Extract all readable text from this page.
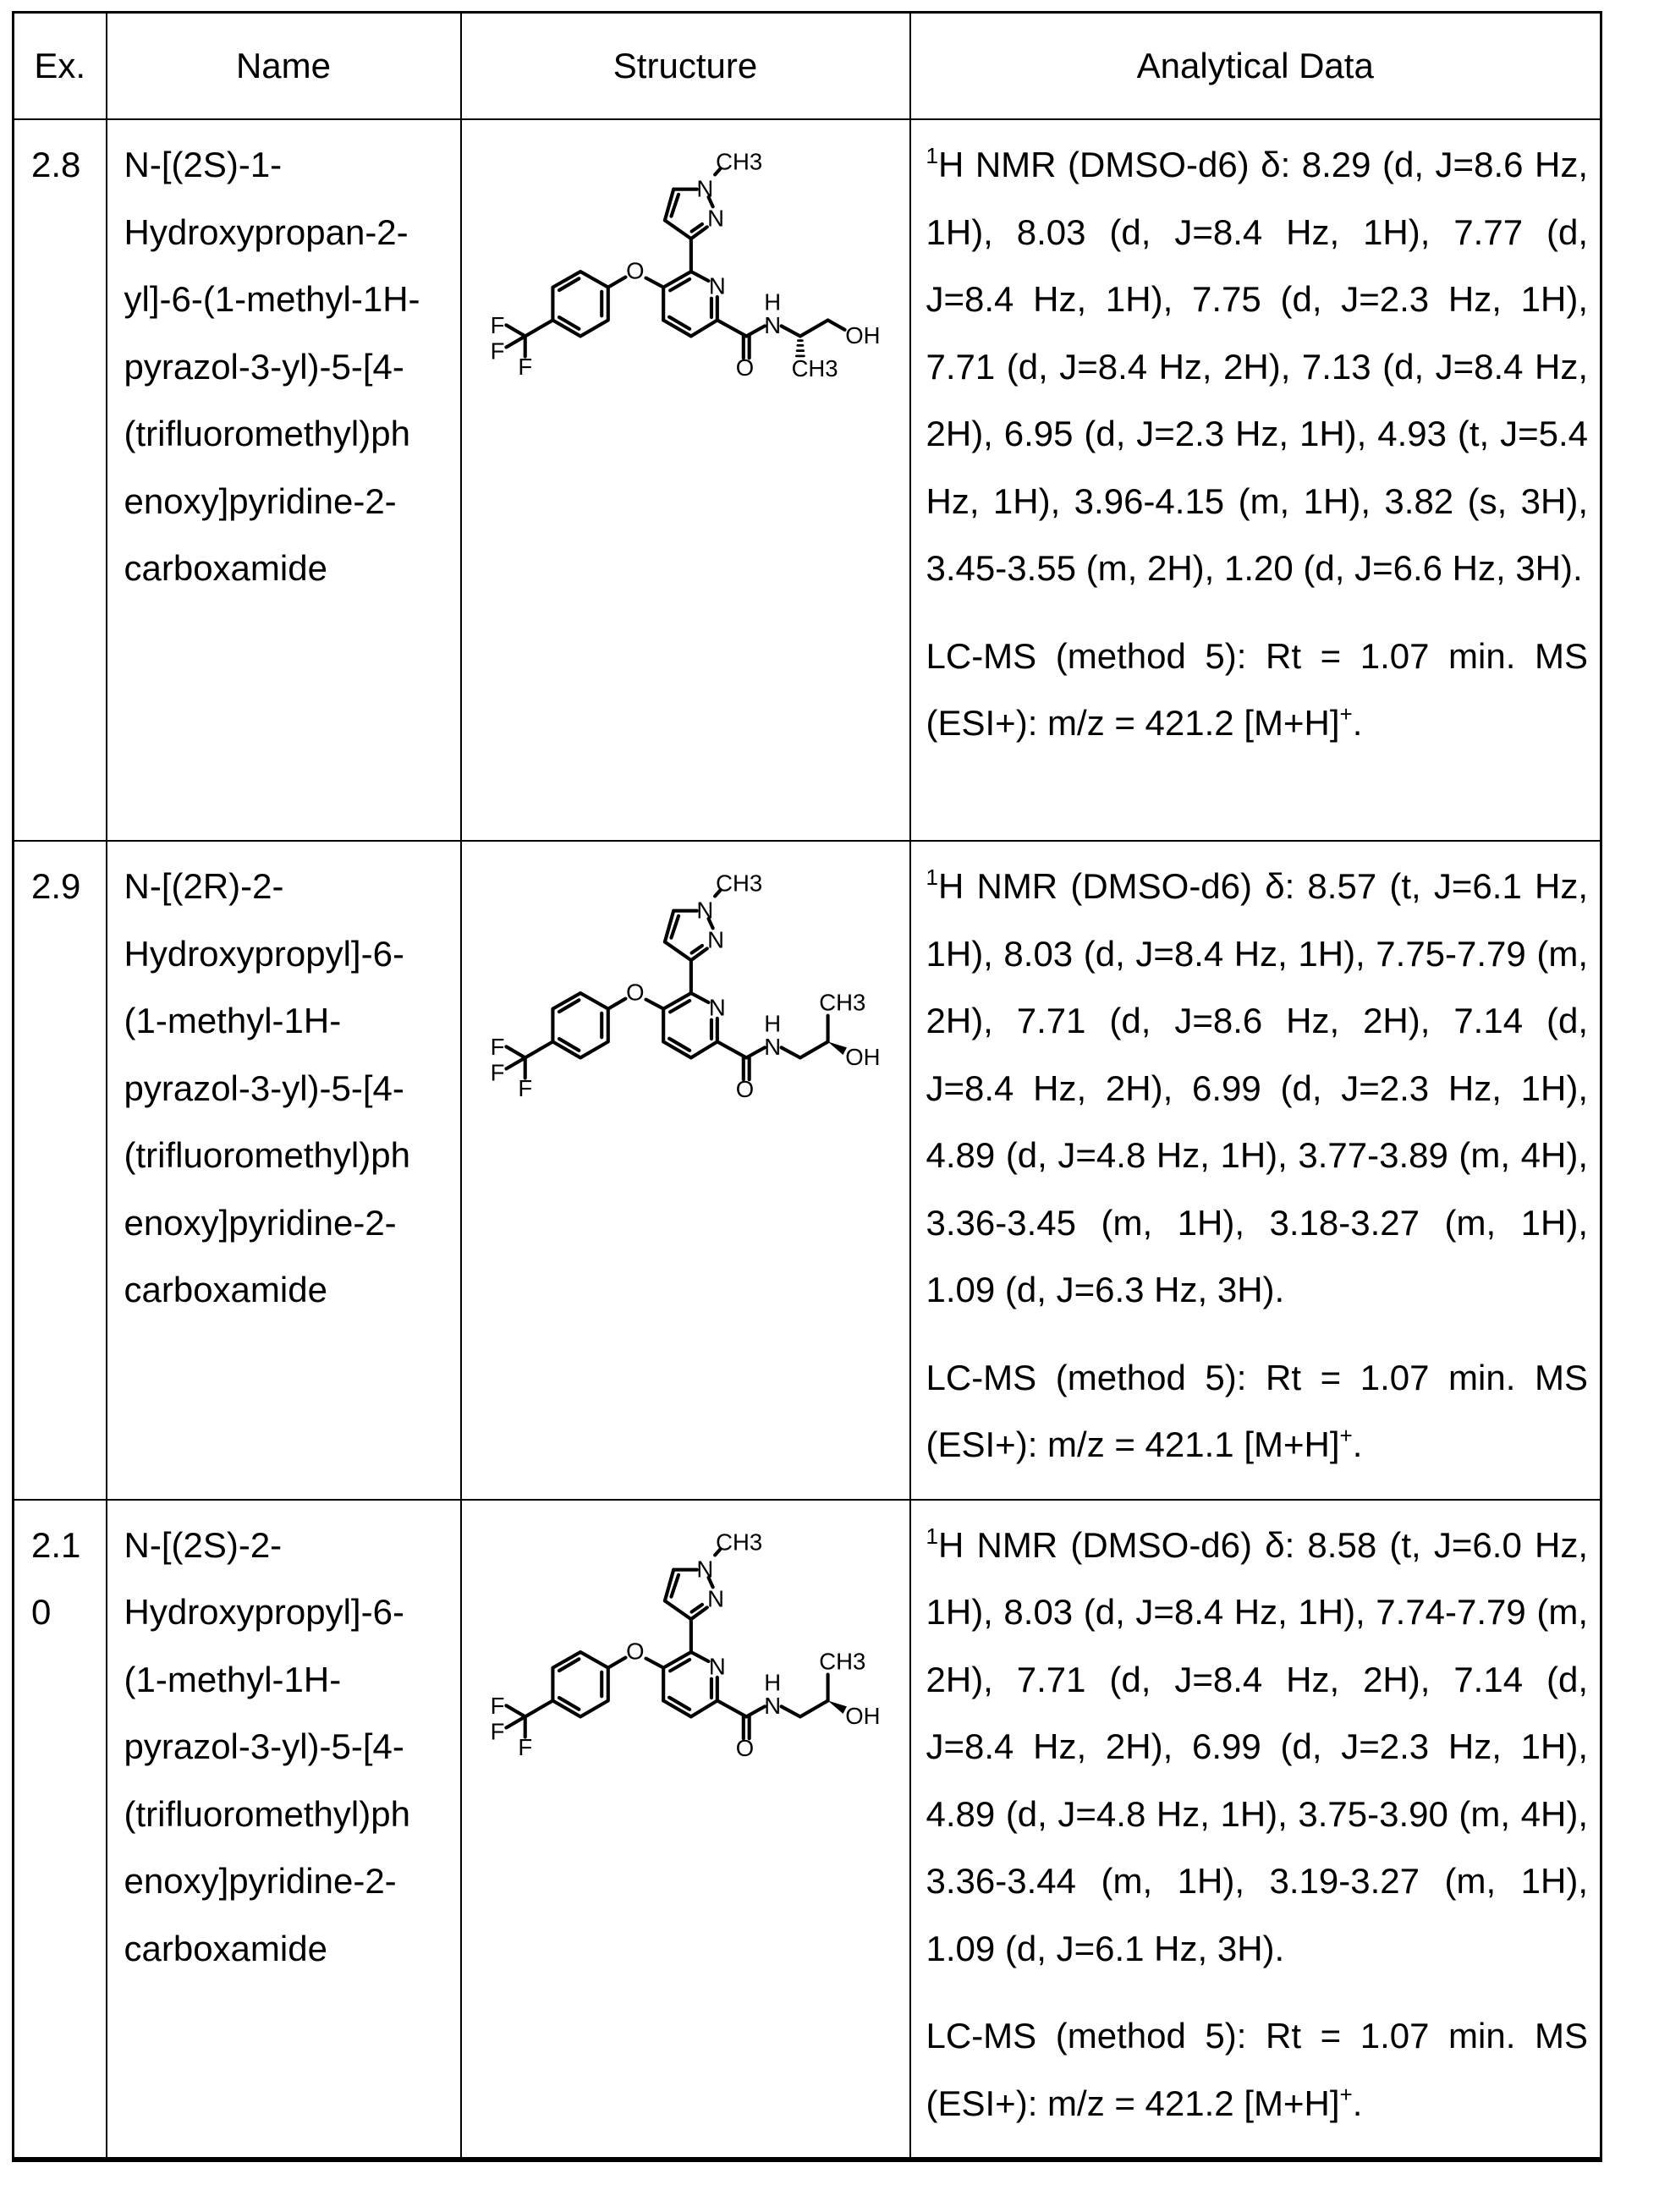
Ex.	Name	Structure	Analytical Data

2.8	N-[(2S)-1-
Hydroxypropan-2-
yl]-6-(1-methyl-1H-
pyrazol-3-yl)-5-[4-
(trifluoromethyl)ph
enoxy]pyridine-2-
carboxamide

F
F
F
O
N
N
N
CH3
O
N
H
OH
CH3

1H NMR (DMSO-d6) δ: 8.29 (d, J=8.6 Hz, 1H), 8.03 (d, J=8.4 Hz, 1H), 7.77 (d, J=8.4 Hz, 1H), 7.75 (d, J=2.3 Hz, 1H), 7.71 (d, J=8.4 Hz, 2H), 7.13 (d, J=8.4 Hz, 2H), 6.95 (d, J=2.3 Hz, 1H), 4.93 (t, J=5.4 Hz, 1H), 3.96-4.15 (m, 1H), 3.82 (s, 3H), 3.45-3.55 (m, 2H), 1.20 (d, J=6.6 Hz, 3H).

LC-MS (method 5): Rt = 1.07 min. MS (ESI+): m/z = 421.2 [M+H]+.

2.9	N-[(2R)-2-
Hydroxypropyl]-6-
(1-methyl-1H-
pyrazol-3-yl)-5-[4-
(trifluoromethyl)ph
enoxy]pyridine-2-
carboxamide

F
F
F
O
N
N
N
CH3
O
N
H
OH
CH3

1H NMR (DMSO-d6) δ: 8.57 (t, J=6.1 Hz, 1H), 8.03 (d, J=8.4 Hz, 1H), 7.75-7.79 (m, 2H), 7.71 (d, J=8.6 Hz, 2H), 7.14 (d, J=8.4 Hz, 2H), 6.99 (d, J=2.3 Hz, 1H), 4.89 (d, J=4.8 Hz, 1H), 3.77-3.89 (m, 4H), 3.36-3.45 (m, 1H), 3.18-3.27 (m, 1H), 1.09 (d, J=6.3 Hz, 3H).

LC-MS (method 5): Rt = 1.07 min. MS (ESI+): m/z = 421.1 [M+H]+.

2.10

N-[(2S)-2-
Hydroxypropyl]-6-
(1-methyl-1H-
pyrazol-3-yl)-5-[4-
(trifluoromethyl)ph
enoxy]pyridine-2-
carboxamide

F
F
F
O
N
N
N
CH3
O
N
H
OH
CH3

1H NMR (DMSO-d6) δ: 8.58 (t, J=6.0 Hz, 1H), 8.03 (d, J=8.4 Hz, 1H), 7.74-7.79 (m, 2H), 7.71 (d, J=8.4 Hz, 2H), 7.14 (d, J=8.4 Hz, 2H), 6.99 (d, J=2.3 Hz, 1H), 4.89 (d, J=4.8 Hz, 1H), 3.75-3.90 (m, 4H), 3.36-3.44 (m, 1H), 3.19-3.27 (m, 1H), 1.09 (d, J=6.1 Hz, 3H).

LC-MS (method 5): Rt = 1.07 min. MS (ESI+): m/z = 421.2 [M+H]+.
